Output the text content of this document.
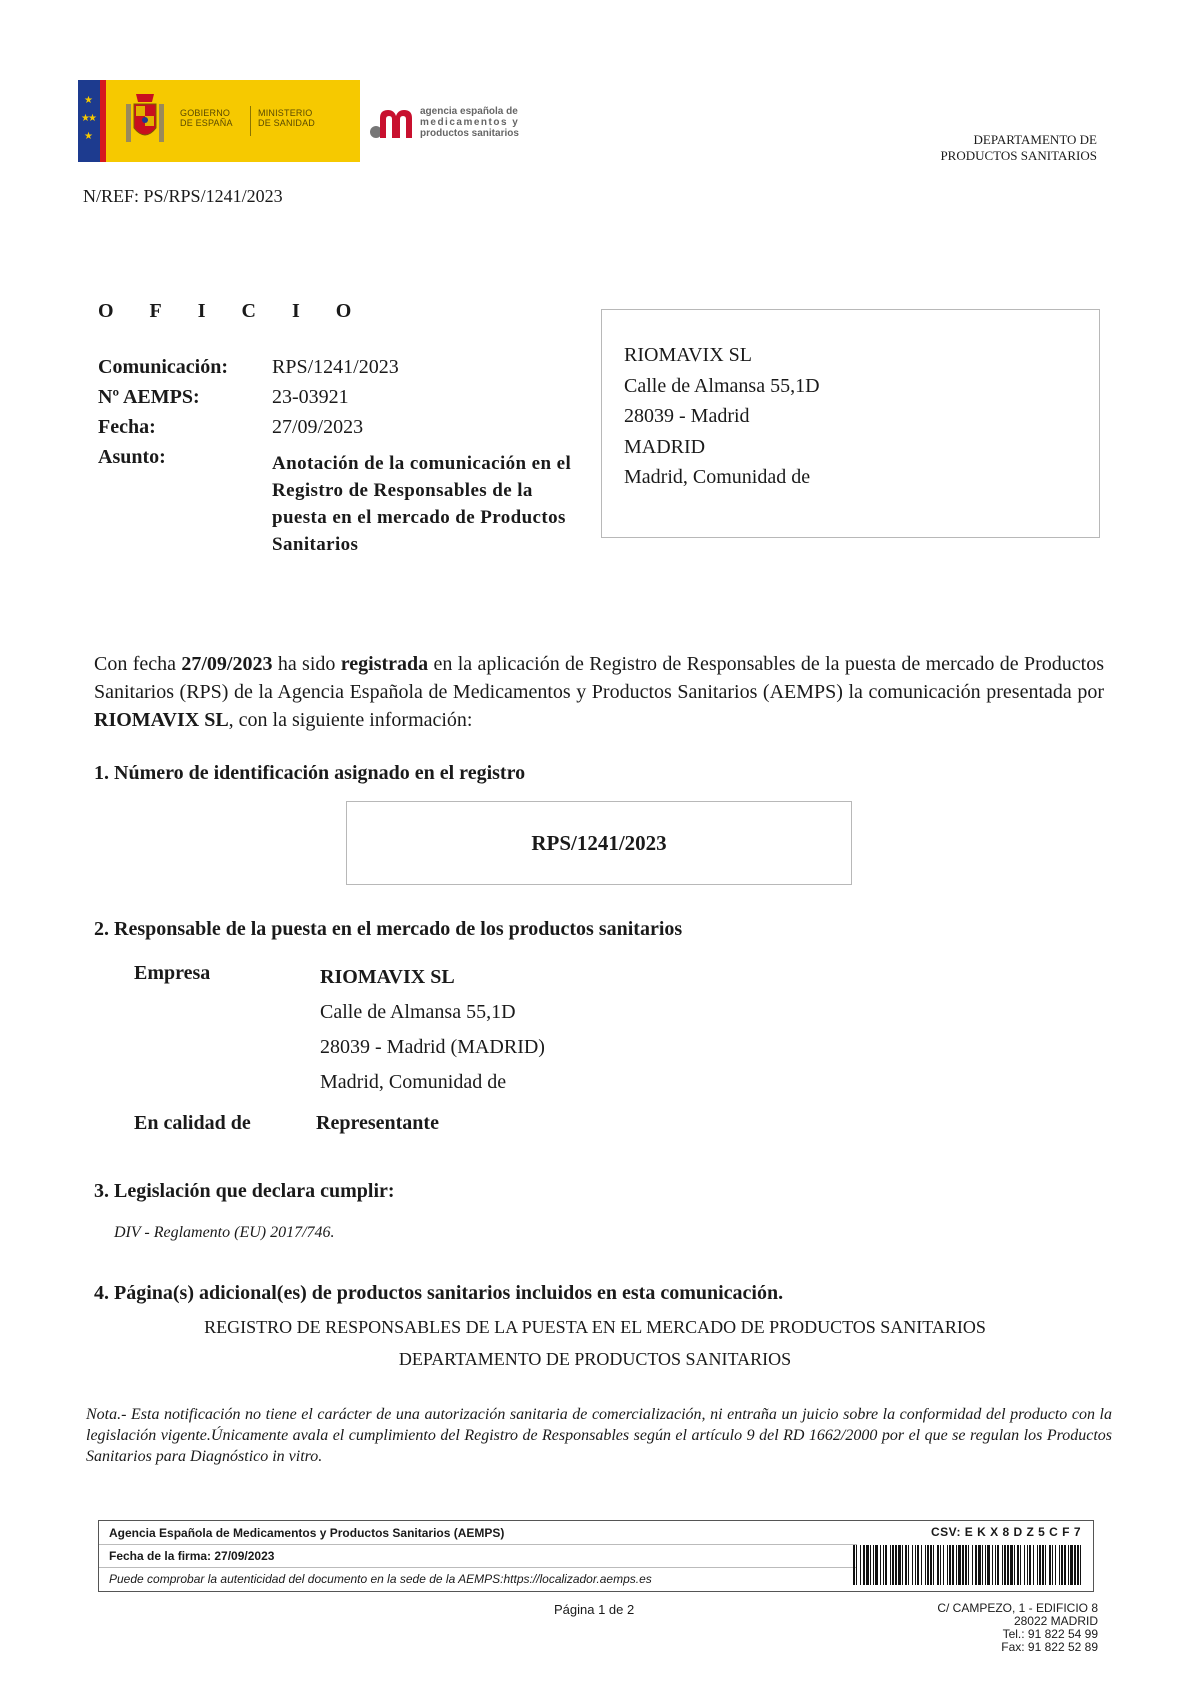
★
★
★
★
GOBIERNO
DE ESPAÑA
MINISTERIO
DE SANIDAD
agencia española de
medicamentos y
productos sanitarios	DEPARTAMENTO DE
PRODUCTOS SANITARIOS
N/REF: PS/RPS/1241/2023
OFICIO
Comunicación: RPS/1241/2023
Nº AEMPS:	23-03921
Fecha:	27/09/2023
Asunto:	Anotación de la comunicación en el Registro de Responsables de la puesta en el mercado de Productos Sanitarios
RIOMAVIX SL
Calle de Almansa 55,1D
28039 - Madrid
MADRID
Madrid, Comunidad de
Con fecha 27/09/2023 ha sido registrada en la aplicación de Registro de Responsables de la puesta de mercado de Productos Sanitarios (RPS) de la Agencia Española de Medicamentos y Productos Sanitarios (AEMPS) la comunicación presentada por RIOMAVIX SL, con la siguiente información:
1. Número de identificación asignado en el registro
RPS/1241/2023
2. Responsable de la puesta en el mercado de los productos sanitarios
Empresa	RIOMAVIX SL
Calle de Almansa 55,1D
28039 - Madrid (MADRID)
Madrid, Comunidad de
En calidad de	Representante
3. Legislación que declara cumplir:
DIV - Reglamento (EU) 2017/746.
4. Página(s) adicional(es) de productos sanitarios incluidos en esta comunicación.
REGISTRO DE RESPONSABLES DE LA PUESTA EN EL MERCADO DE PRODUCTOS SANITARIOS
DEPARTAMENTO DE PRODUCTOS SANITARIOS
Nota.- Esta notificación no tiene el carácter de una autorización sanitaria de comercialización, ni entraña un juicio sobre la conformidad del producto con la legislación vigente.Únicamente avala el cumplimiento del Registro de Responsables según el artículo 9 del RD 1662/2000 por el que se regulan los Productos Sanitarios para Diagnóstico in vitro.
Agencia Española de Medicamentos y Productos Sanitarios (AEMPS)
Fecha de la firma: 27/09/2023
Puede comprobar la autenticidad del documento en la sede de la AEMPS:https://localizador.aemps.es
CSV: E K X 8 D Z 5 C F 7
Página 1 de 2	C/ CAMPEZO, 1 - EDIFICIO 8
28022 MADRID
Tel.: 91 822 54 99
Fax: 91 822 52 89
